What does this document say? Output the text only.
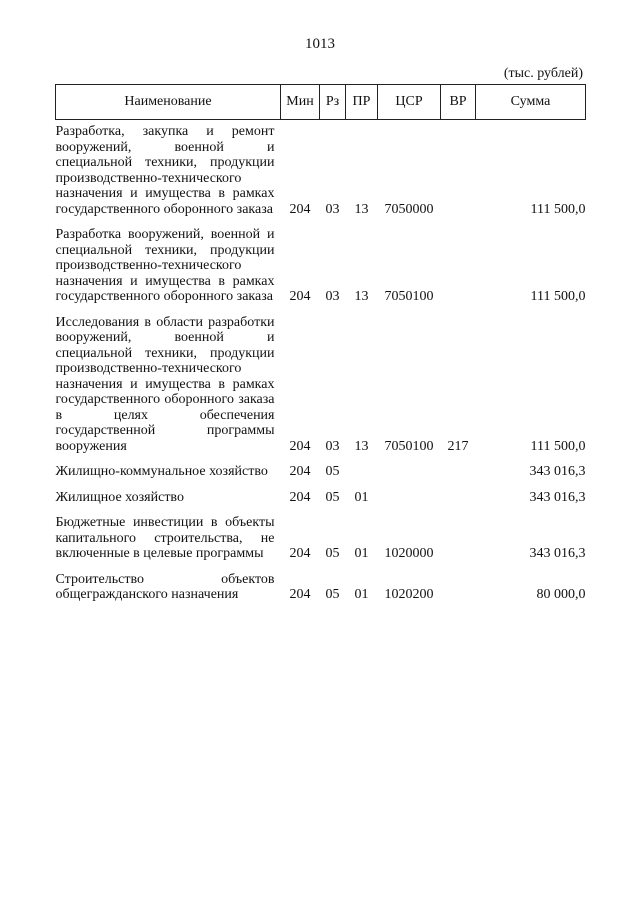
1013
(тыс. рублей)
Наименование	Мин	Рз	ПР	ЦСР	ВР	Сумма
Разработка, закупка и ремонт вооружений, военной и специальной техники, продукции производственно-технического назначения и имущества в рамках государственного оборонного заказа	204	03	13	7050000		111 500,0
Разработка вооружений, военной и специальной техники, продукции производственно-технического назначения и имущества в рамках государственного оборонного заказа	204	03	13	7050100		111 500,0
Исследования в области разработки вооружений, военной и специальной техники, продукции производственно-технического назначения и имущества в рамках государственного оборонного заказа в целях обеспечения государственной программы вооружения	204	03	13	7050100	217	111 500,0
Жилищно-коммунальное хозяйство	204	05				343 016,3
Жилищное хозяйство	204	05	01			343 016,3
Бюджетные инвестиции в объекты капитального строительства, не включенные в целевые программы	204	05	01	1020000		343 016,3
Строительство объектов общегражданского назначения	204	05	01	1020200		80 000,0
